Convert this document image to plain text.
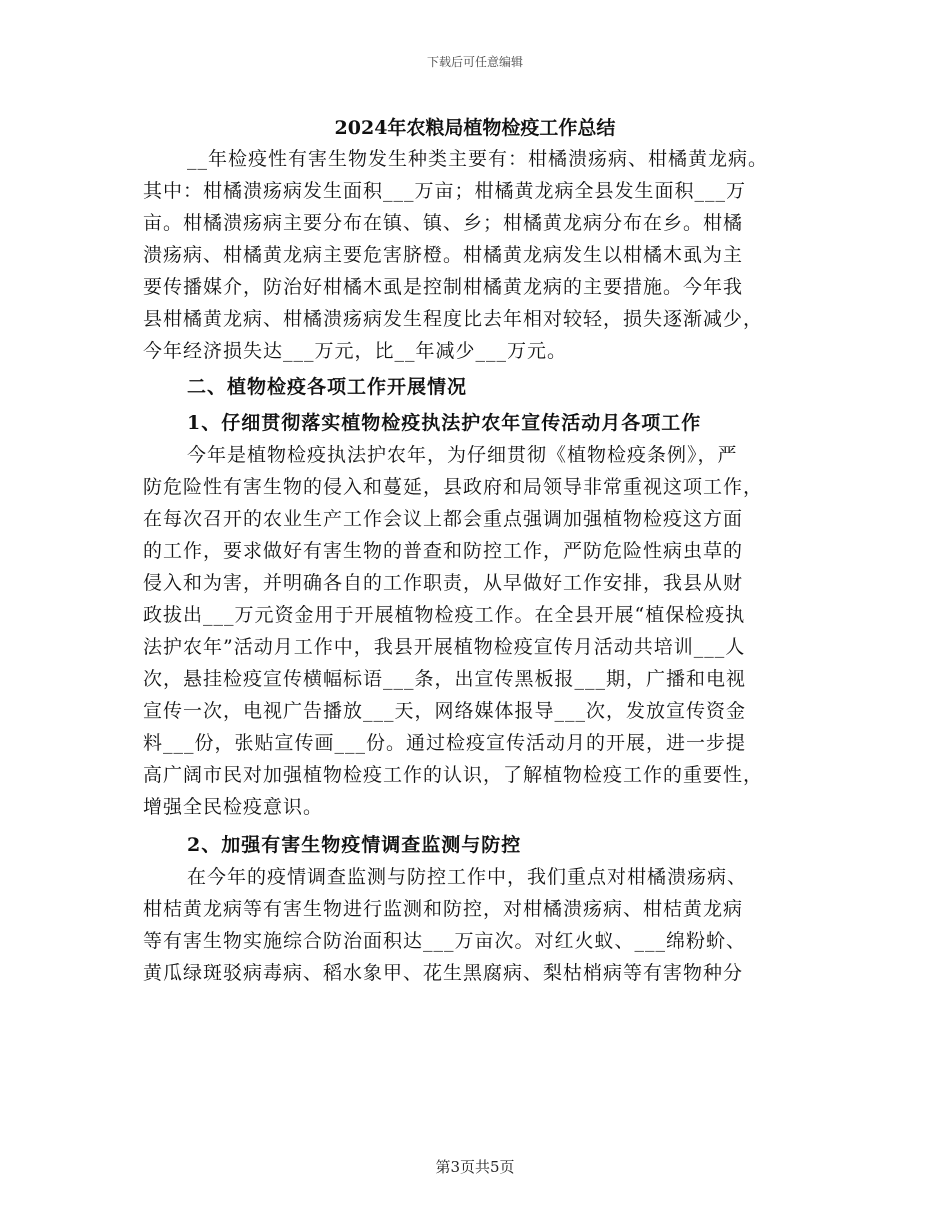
下载后可任意编辑
2024年农粮局植物检疫工作总结
__年检疫性有害生物发生种类主要有：柑橘溃疡病、柑橘黄龙病。
其中：柑橘溃疡病发生面积___万亩；柑橘黄龙病全县发生面积___万
亩。柑橘溃疡病主要分布在镇、镇、乡；柑橘黄龙病分布在乡。柑橘
溃疡病、柑橘黄龙病主要危害脐橙。柑橘黄龙病发生以柑橘木虱为主
要传播媒介，防治好柑橘木虱是控制柑橘黄龙病的主要措施。今年我
县柑橘黄龙病、柑橘溃疡病发生程度比去年相对较轻，损失逐渐减少，
今年经济损失达___万元，比__年减少___万元。
二、植物检疫各项工作开展情况
1、仔细贯彻落实植物检疫执法护农年宣传活动月各项工作
今年是植物检疫执法护农年，为仔细贯彻《植物检疫条例》，严
防危险性有害生物的侵入和蔓延，县政府和局领导非常重视这项工作，
在每次召开的农业生产工作会议上都会重点强调加强植物检疫这方面
的工作，要求做好有害生物的普查和防控工作，严防危险性病虫草的
侵入和为害，并明确各自的工作职责，从早做好工作安排，我县从财
政拔出___万元资金用于开展植物检疫工作。在全县开展“植保检疫执
法护农年”活动月工作中，我县开展植物检疫宣传月活动共培训___人
次，悬挂检疫宣传横幅标语___条，出宣传黑板报___期，广播和电视
宣传一次，电视广告播放___天，网络媒体报导___次，发放宣传资金
料___份，张贴宣传画___份。通过检疫宣传活动月的开展，进一步提
高广阔市民对加强植物检疫工作的认识，了解植物检疫工作的重要性，
增强全民检疫意识。
2、加强有害生物疫情调查监测与防控
在今年的疫情调查监测与防控工作中，我们重点对柑橘溃疡病、
柑桔黄龙病等有害生物进行监测和防控，对柑橘溃疡病、柑桔黄龙病
等有害生物实施综合防治面积达___万亩次。对红火蚁、___绵粉蚧、
黄瓜绿斑驳病毒病、稻水象甲、花生黑腐病、梨枯梢病等有害物种分
第3页共5页
